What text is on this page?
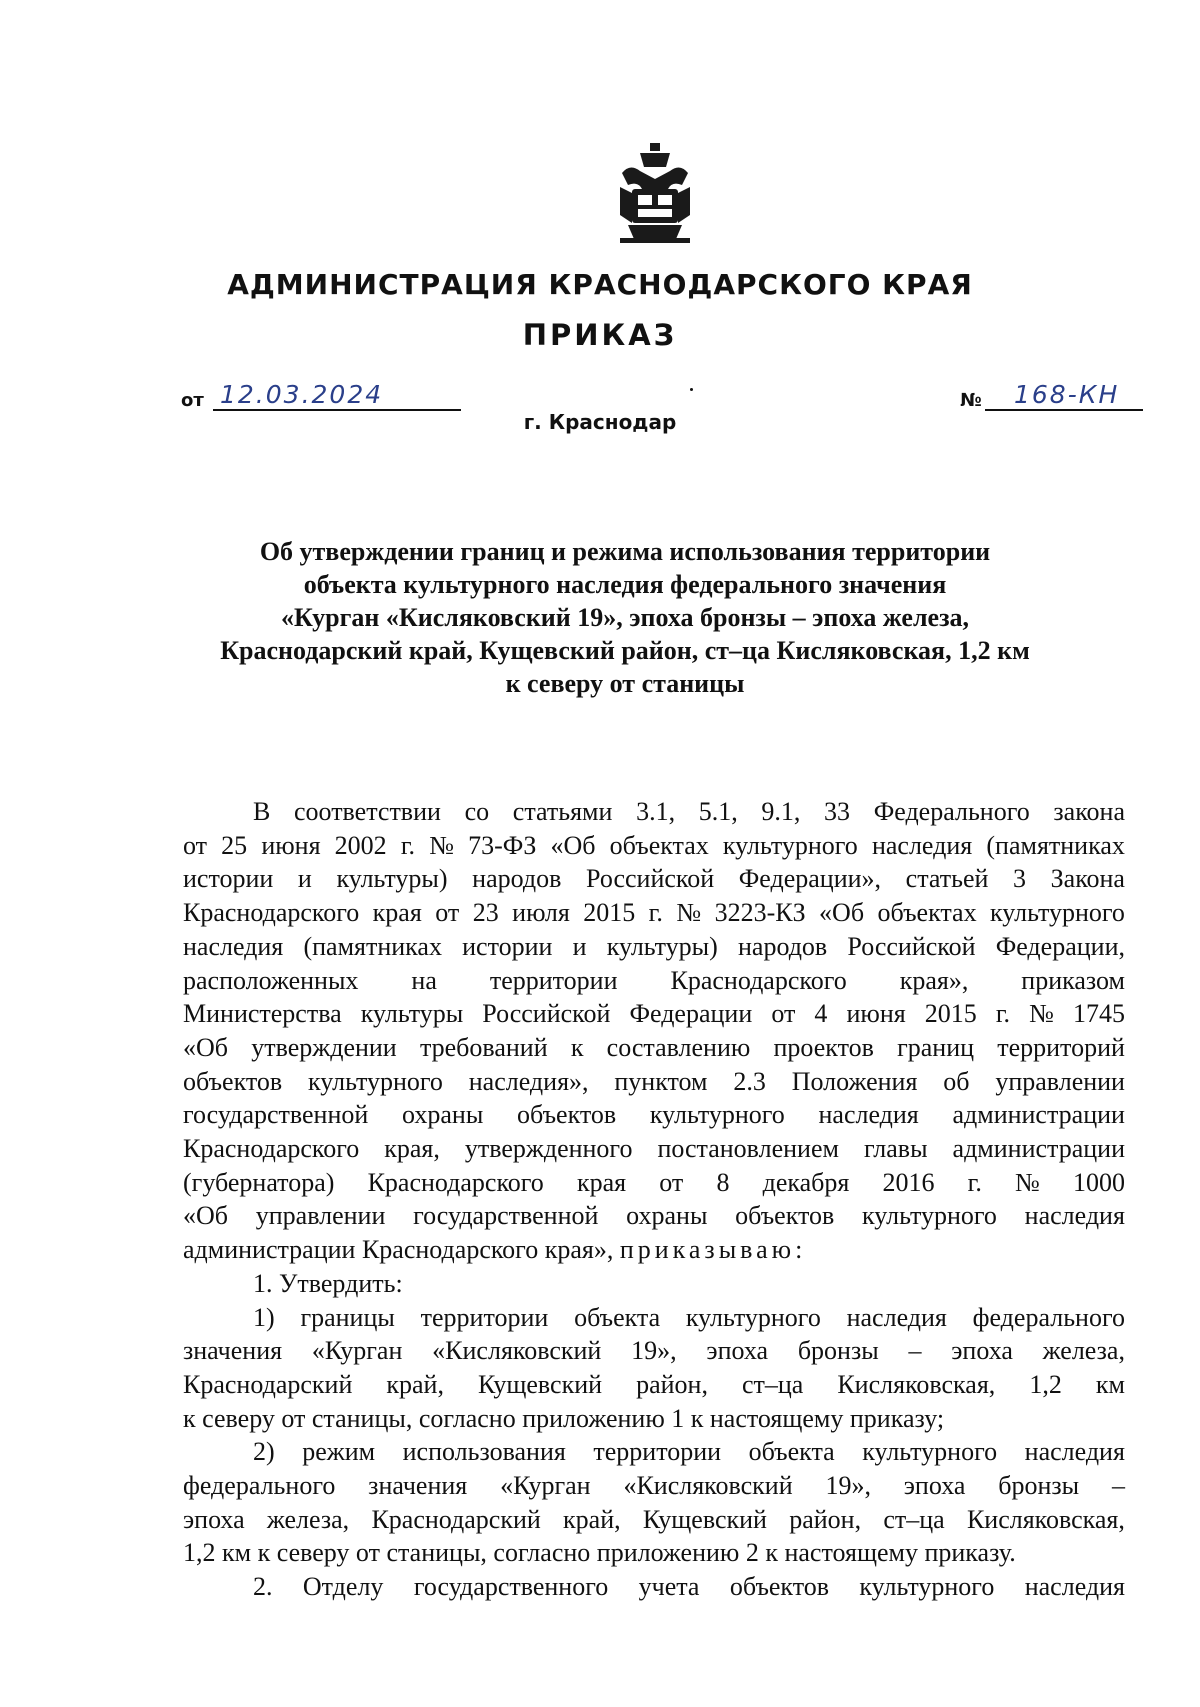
АДМИНИСТРАЦИЯ КРАСНОДАРСКОГО КРАЯ
ПРИКАЗ
от 12.03.2024	№ 168-КН
г. Краснодар
Об утверждении границ и режима использования территории
объекта культурного наследия федерального значения
«Курган «Кисляковский 19», эпоха бронзы – эпоха железа,
Краснодарский край, Кущевский район, ст–ца Кисляковская, 1,2 км
к северу от станицы
В соответствии со статьями 3.1, 5.1, 9.1, 33 Федерального закона
от 25 июня 2002 г. № 73-ФЗ «Об объектах культурного наследия (памятниках
истории и культуры) народов Российской Федерации», статьей 3 Закона
Краснодарского края от 23 июля 2015 г. № 3223-КЗ «Об объектах культурного
наследия (памятниках истории и культуры) народов Российской Федерации,
расположенных на территории Краснодарского края», приказом
Министерства культуры Российской Федерации от 4 июня 2015 г. № 1745
«Об утверждении требований к составлению проектов границ территорий
объектов культурного наследия», пунктом 2.3 Положения об управлении
государственной охраны объектов культурного наследия администрации
Краснодарского края, утвержденного постановлением главы администрации
(губернатора) Краснодарского края от 8 декабря 2016 г. № 1000
«Об управлении государственной охраны объектов культурного наследия
администрации Краснодарского края», приказываю:
1. Утвердить:
1) границы территории объекта культурного наследия федерального
значения «Курган «Кисляковский 19», эпоха бронзы – эпоха железа,
Краснодарский край, Кущевский район, ст–ца Кисляковская, 1,2 км
к северу от станицы, согласно приложению 1 к настоящему приказу;
2) режим использования территории объекта культурного наследия
федерального значения «Курган «Кисляковский 19», эпоха бронзы –
эпоха железа, Краснодарский край, Кущевский район, ст–ца Кисляковская,
1,2 км к северу от станицы, согласно приложению 2 к настоящему приказу.
2. Отделу государственного учета объектов культурного наследия
